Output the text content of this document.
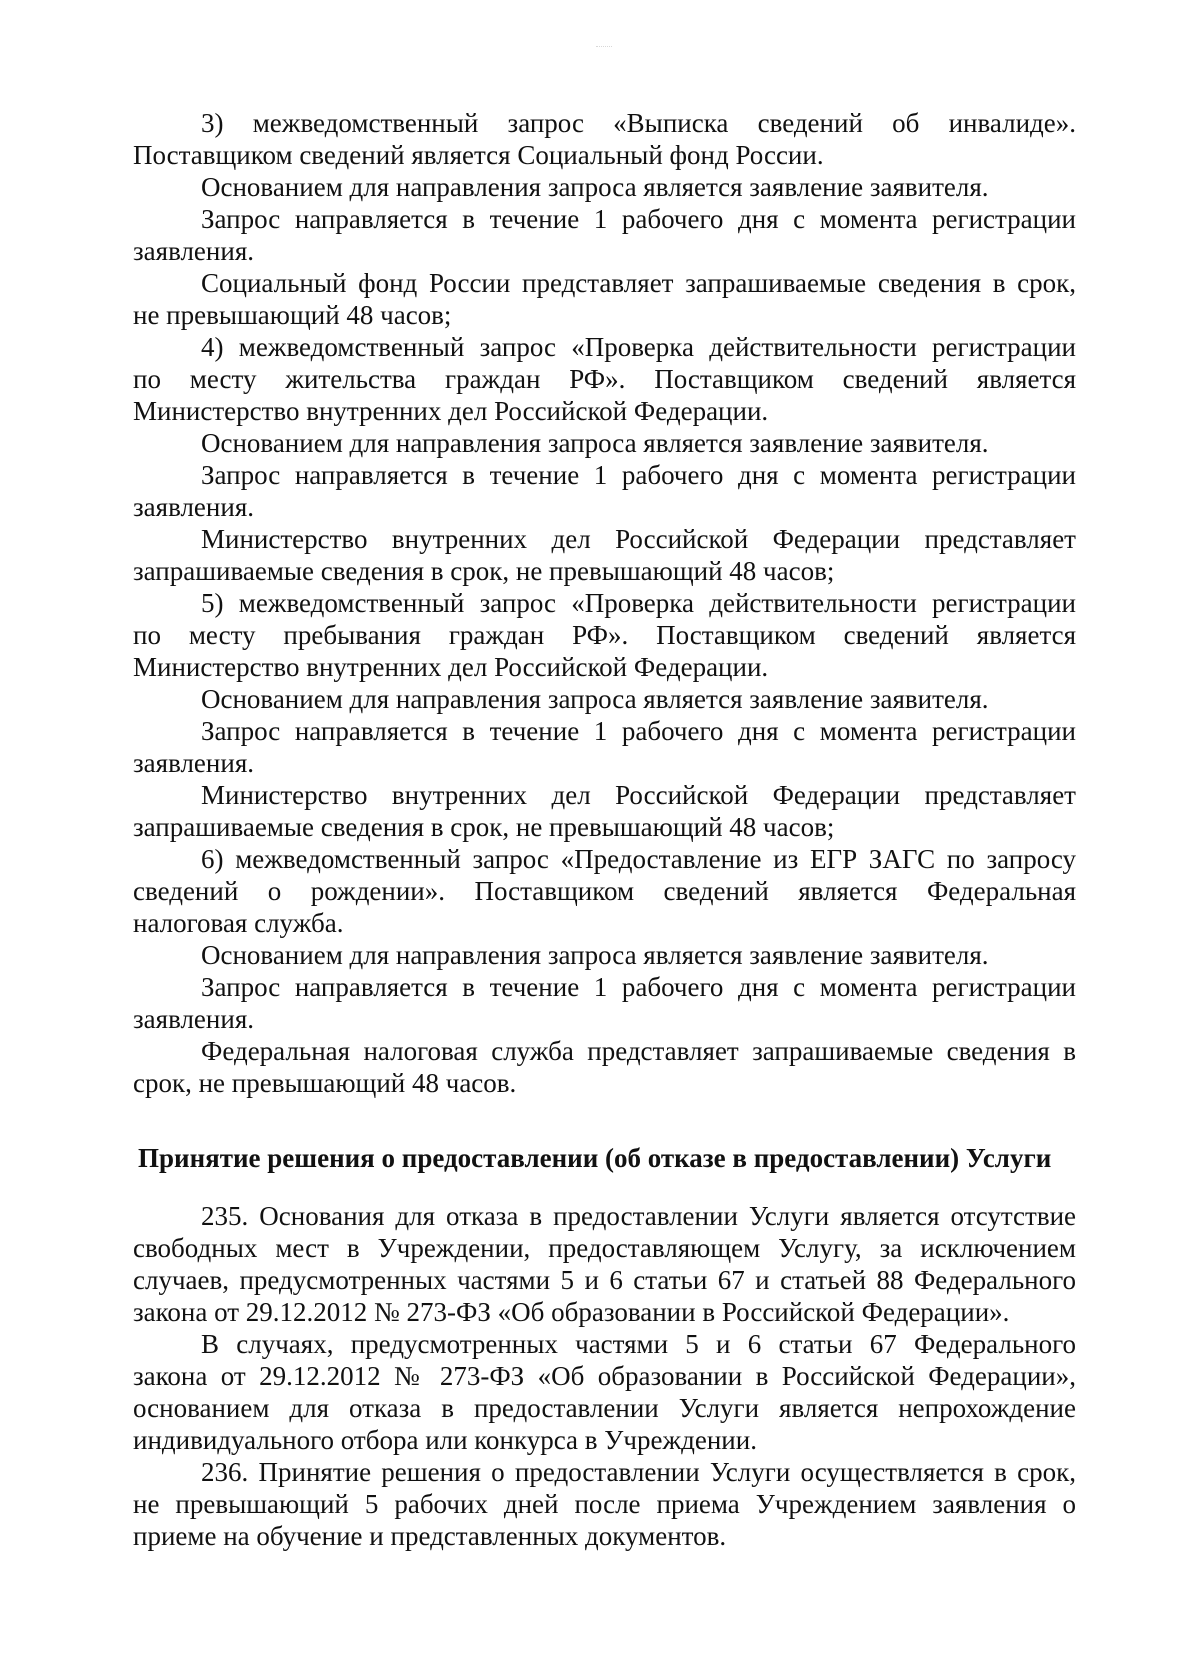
3) межведомственный запрос «Выписка сведений об инвалиде».
Поставщиком сведений является Социальный фонд России.
Основанием для направления запроса является заявление заявителя.
Запрос направляется в течение 1 рабочего дня с момента регистрации
заявления.
Социальный фонд России представляет запрашиваемые сведения в срок,
не превышающий 48 часов;
4) межведомственный запрос «Проверка действительности регистрации
по месту жительства граждан РФ». Поставщиком сведений является
Министерство внутренних дел Российской Федерации.
Основанием для направления запроса является заявление заявителя.
Запрос направляется в течение 1 рабочего дня с момента регистрации
заявления.
Министерство внутренних дел Российской Федерации представляет
запрашиваемые сведения в срок, не превышающий 48 часов;
5) межведомственный запрос «Проверка действительности регистрации
по месту пребывания граждан РФ». Поставщиком сведений является
Министерство внутренних дел Российской Федерации.
Основанием для направления запроса является заявление заявителя.
Запрос направляется в течение 1 рабочего дня с момента регистрации
заявления.
Министерство внутренних дел Российской Федерации представляет
запрашиваемые сведения в срок, не превышающий 48 часов;
6) межведомственный запрос «Предоставление из ЕГР ЗАГС по запросу
сведений о рождении». Поставщиком сведений является Федеральная
налоговая служба.
Основанием для направления запроса является заявление заявителя.
Запрос направляется в течение 1 рабочего дня с момента регистрации
заявления.
Федеральная налоговая служба представляет запрашиваемые сведения в
срок, не превышающий 48 часов.
Принятие решения о предоставлении (об отказе в предоставлении) Услуги
235. Основания для отказа в предоставлении Услуги является отсутствие
свободных мест в Учреждении, предоставляющем Услугу, за исключением
случаев, предусмотренных частями 5 и 6 статьи 67 и статьей 88 Федерального
закона от 29.12.2012 № 273-ФЗ «Об образовании в Российской Федерации».
В случаях, предусмотренных частями 5 и 6 статьи 67 Федерального
закона от 29.12.2012 № 273-ФЗ «Об образовании в Российской Федерации»,
основанием для отказа в предоставлении Услуги является непрохождение
индивидуального отбора или конкурса в Учреждении.
236. Принятие решения о предоставлении Услуги осуществляется в срок,
не превышающий 5 рабочих дней после приема Учреждением заявления о
приеме на обучение и представленных документов.
